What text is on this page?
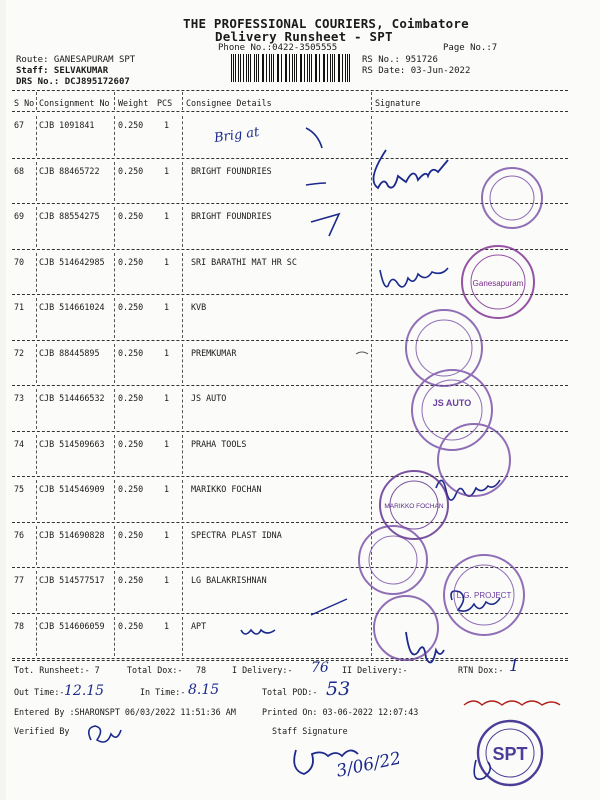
THE PROFESSIONAL COURIERS, Coimbatore
Delivery Runsheet - SPT
Phone No.:0422-3505555	Page No.:7
Route: GANESAPURAM SPT
Staff: SELVAKUMAR
DRS No.: DCJ895172607
RS No.: 951726
RS Date: 03-Jun-2022
S No Consignment No Weight PCS Consignee Details	Signature
67 CJB 1091841	0.250 1
68 CJB 88465722 0.250 1	BRIGHT FOUNDRIES
69 CJB 88554275 0.250 1	BRIGHT FOUNDRIES
70 CJB 514642985 0.250 1	SRI BARATHI MAT HR SC
71 CJB 514661024 0.250 1	KVB
72 CJB 88445895 0.250 1	PREMKUMAR
73 CJB 514466532 0.250 1	JS AUTO
74 CJB 514509663 0.250 1	PRAHA TOOLS
75 CJB 514546909 0.250 1	MARIKKO FOCHAN
76 CJB 514690828 0.250 1	SPECTRA PLAST IDNA
77 CJB 514577517 0.250 1	LG BALAKRISHNAN
78 CJB 514606059 0.250 1	APT
Tot. Runsheet:- 7	Total Dox:- 78	I Delivery:-	II Delivery:-	RTN Dox:-
Out Time:-	In Time:-	Total POD:-
Entered By :SHARONSPT 06/03/2022 11:51:36 AM	Printed On: 03-06-2022 12:07:43
Verified By	Staff Signature
Brig at
76	1
12.15	8.15	53
3/06/22
Ganesapuram
JS AUTO
MARIKKO FOCHAN
L.G. PROJECT
SPT
